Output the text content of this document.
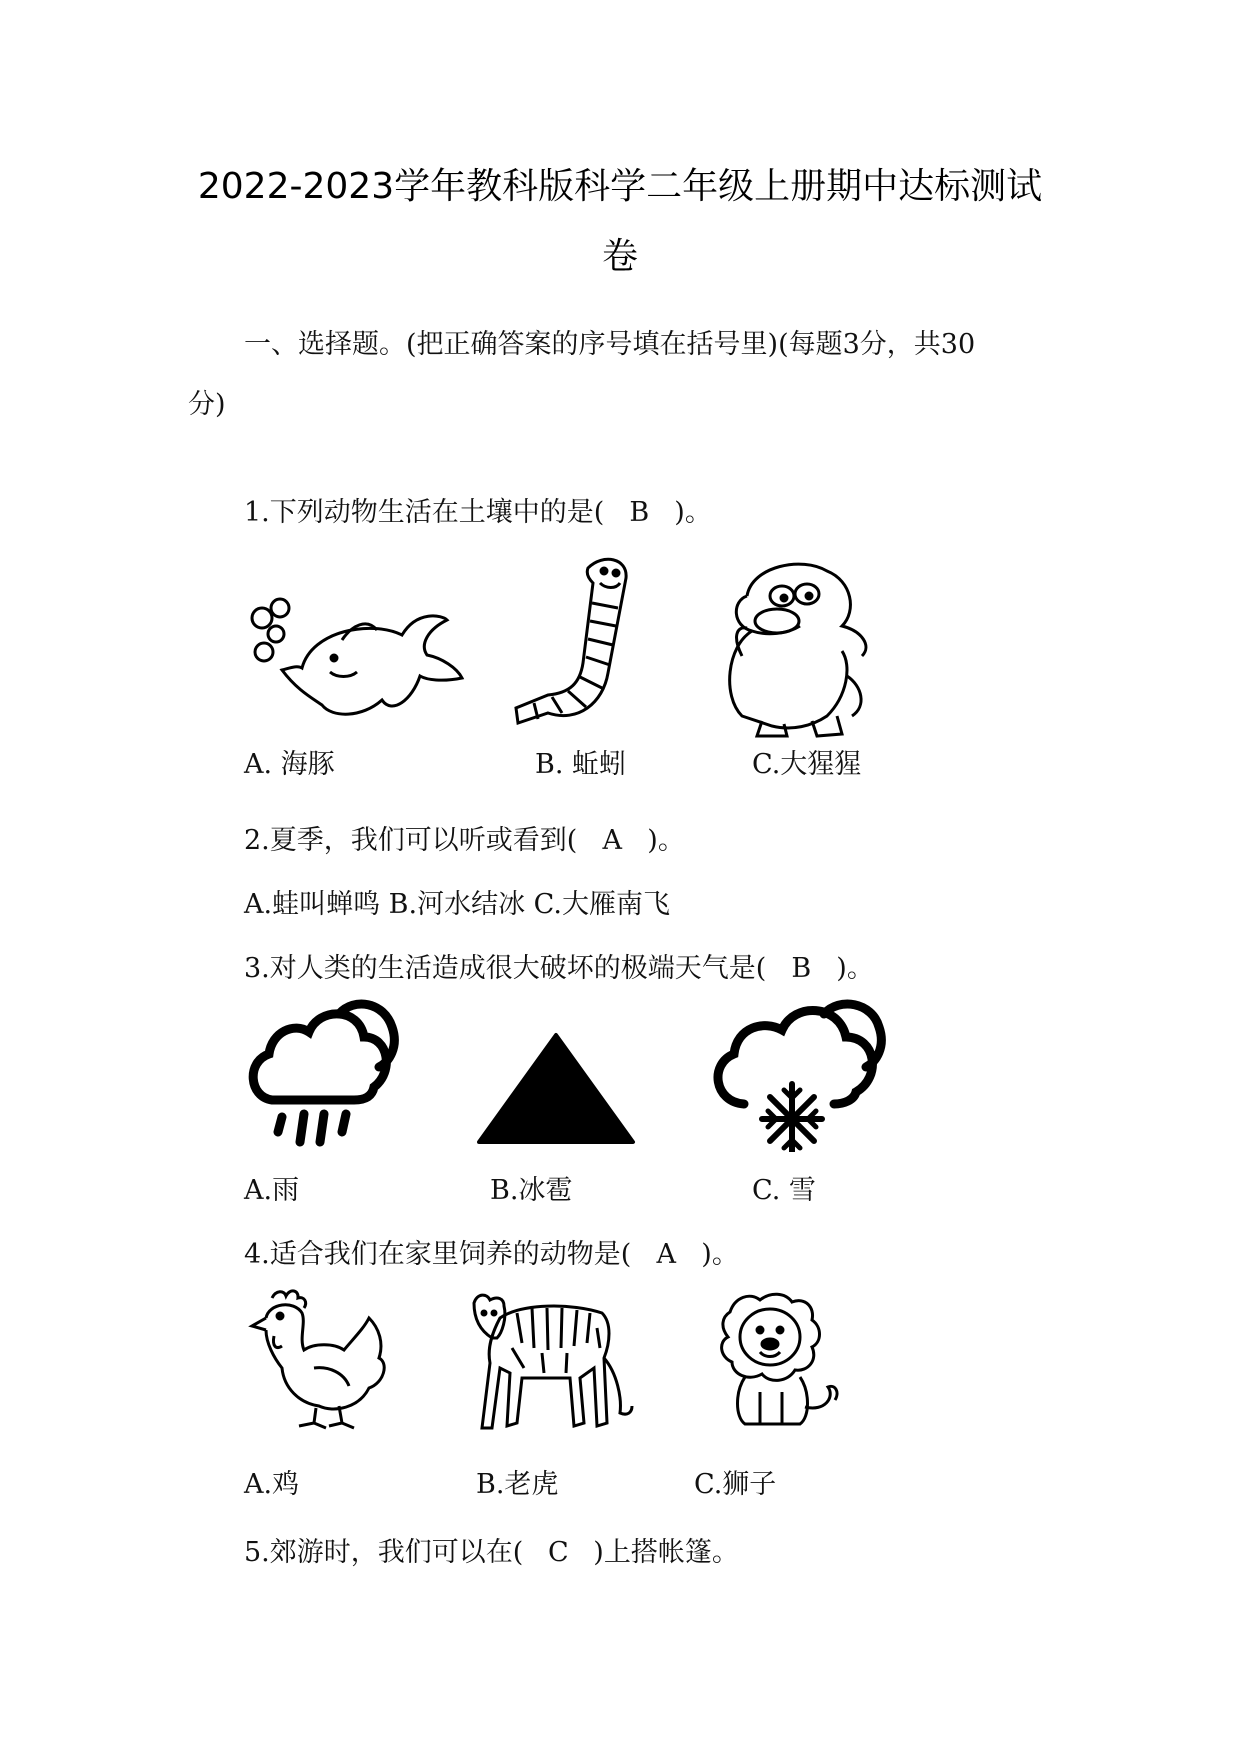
2022-2023学年教科版科学二年级上册期中达标测试
卷
一、选择题。(把正确答案的序号填在括号里)(每题3分，共30
分)
1.下列动物生活在土壤中的是( B )。
A. 海豚	B. 蚯蚓	C.大猩猩
2.夏季，我们可以听或看到( A )。
A.蛙叫蝉鸣 B.河水结冰 C.大雁南飞
3.对人类的生活造成很大破坏的极端天气是( B )。
A.雨	B.冰雹	C. 雪
4.适合我们在家里饲养的动物是( A )。
A.鸡	B.老虎	C.狮子
5.郊游时，我们可以在( C )上搭帐篷。
